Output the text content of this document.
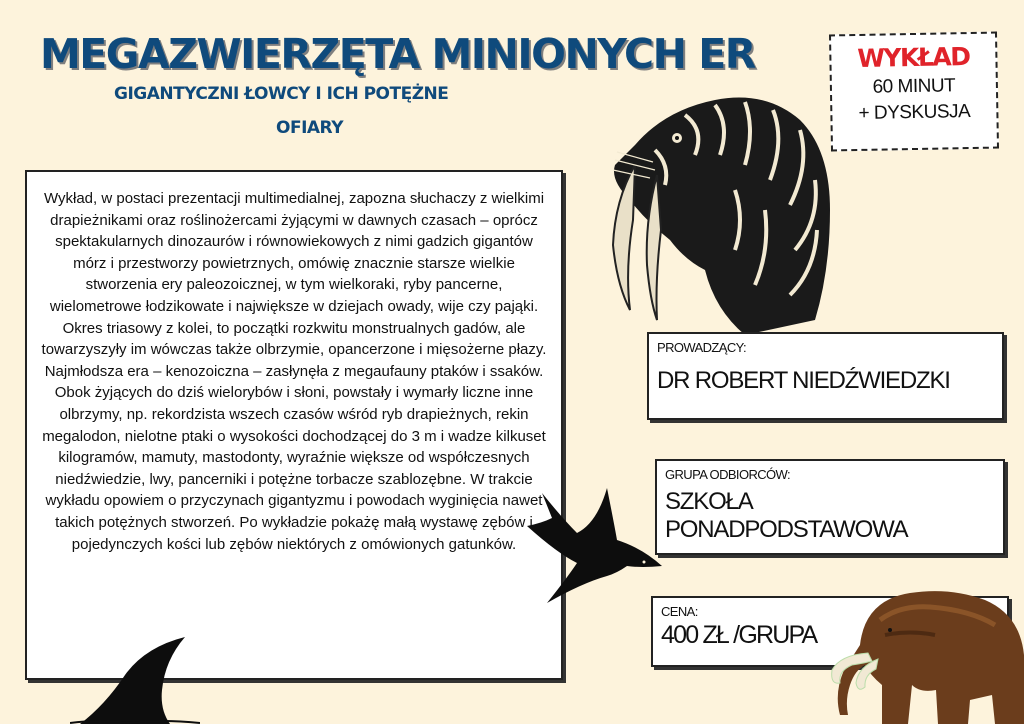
MEGAZWIERZĘTA MINIONYCH ER
GIGANTYCZNI ŁOWCY I ICH POTĘŻNE
OFIARY
WYKŁAD
60 MINUT
+ DYSKUSJA

Wykład, w postaci prezentacji multimedialnej, zapozna słuchaczy z wielkimi drapieżnikami oraz roślinożercami żyjącymi w dawnych czasach – oprócz spektakularnych dinozaurów i równowiekowych z nimi gadzich gigantów mórz i przestworzy powietrznych, omówię znacznie starsze wielkie stworzenia ery paleozoicznej, w tym wielkoraki, ryby pancerne, wielometrowe łodzikowate i największe w dziejach owady, wije czy pająki. Okres triasowy z kolei, to początki rozkwitu monstrualnych gadów, ale towarzyszyły im wówczas także olbrzymie, opancerzone i mięsożerne płazy. Najmłodsza era – kenozoiczna – zasłynęła z megaufauny ptaków i ssaków. Obok żyjących do dziś wielorybów i słoni, powstały i wymarły liczne inne olbrzymy, np. rekordzista wszech czasów wśród ryb drapieżnych, rekin megalodon, nielotne ptaki o wysokości dochodzącej do 3 m i wadze kilkuset kilogramów, mamuty, mastodonty, wyraźnie większe od współczesnych niedźwiedzie, lwy, pancerniki i potężne torbacze szablozębne. W trakcie wykładu opowiem o przyczynach gigantyzmu i powodach wyginięcia nawet takich potężnych stworzeń. Po wykładzie pokażę małą wystawę zębów i pojedynczych kości lub zębów niektórych z omówionych gatunków.

PROWADZĄCY:
DR ROBERT NIEDŹWIEDZKI
GRUPA ODBIORCÓW:
SZKOŁA
PONADPODSTAWOWA
CENA:
400 ZŁ /GRUPA
